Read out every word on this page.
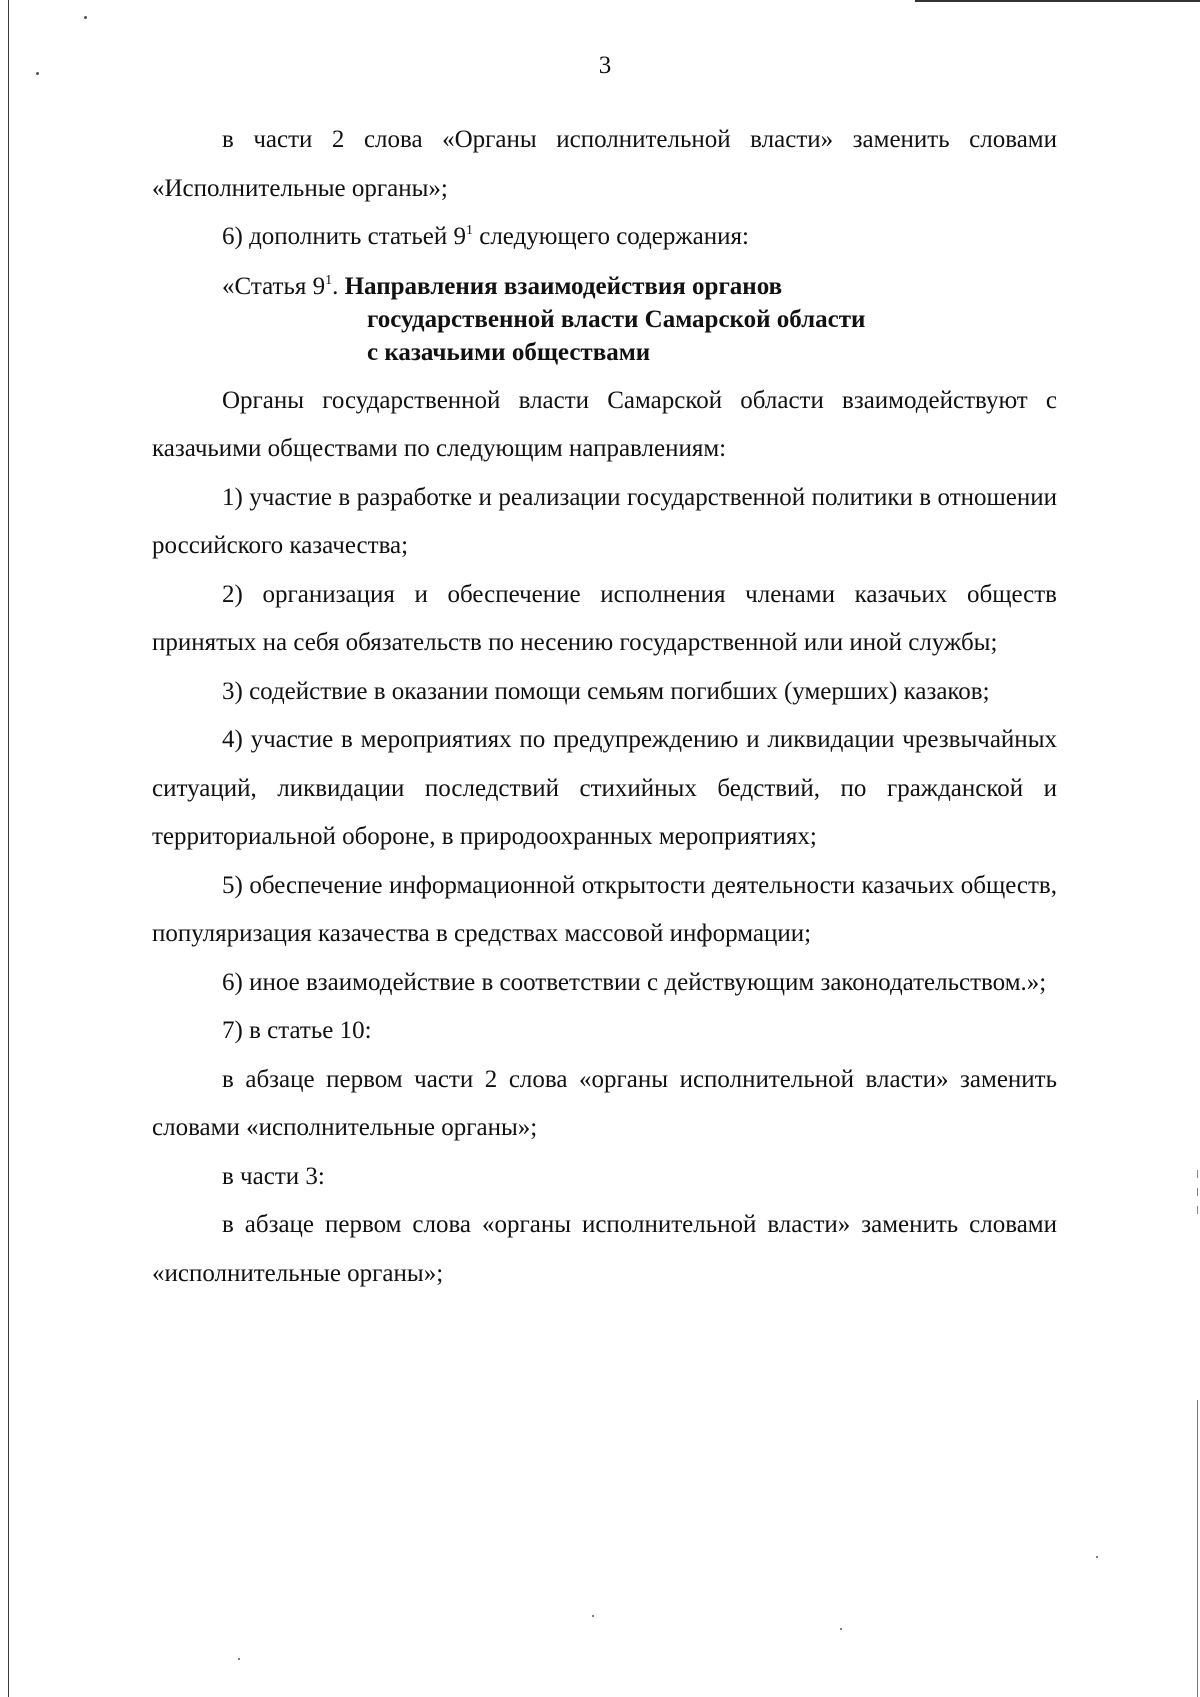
3

в части 2 слова «Органы исполнительной власти» заменить словами «Исполнительные органы»;

6) дополнить статьей $9^1$ следующего содержания:

«Статья $9^1$. Направления взаимодействия органов
государственной власти Самарской области
с казачьими обществами

Органы государственной власти Самарской области взаимодействуют с казачьими обществами по следующим направлениям:

1) участие в разработке и реализации государственной политики в отношении российского казачества;

2) организация и обеспечение исполнения членами казачьих обществ принятых на себя обязательств по несению государственной или иной службы;

3) содействие в оказании помощи семьям погибших (умерших) казаков;

4) участие в мероприятиях по предупреждению и ликвидации чрезвычайных ситуаций, ликвидации последствий стихийных бедствий, по гражданской и территориальной обороне, в природоохранных мероприятиях;

5) обеспечение информационной открытости деятельности казачьих обществ, популяризация казачества в средствах массовой информации;

6) иное взаимодействие в соответствии с действующим законодательством.»;

7) в статье 10:

в абзаце первом части 2 слова «органы исполнительной власти» заменить словами «исполнительные органы»;

в части 3:

в абзаце первом слова «органы исполнительной власти» заменить словами «исполнительные органы»;
